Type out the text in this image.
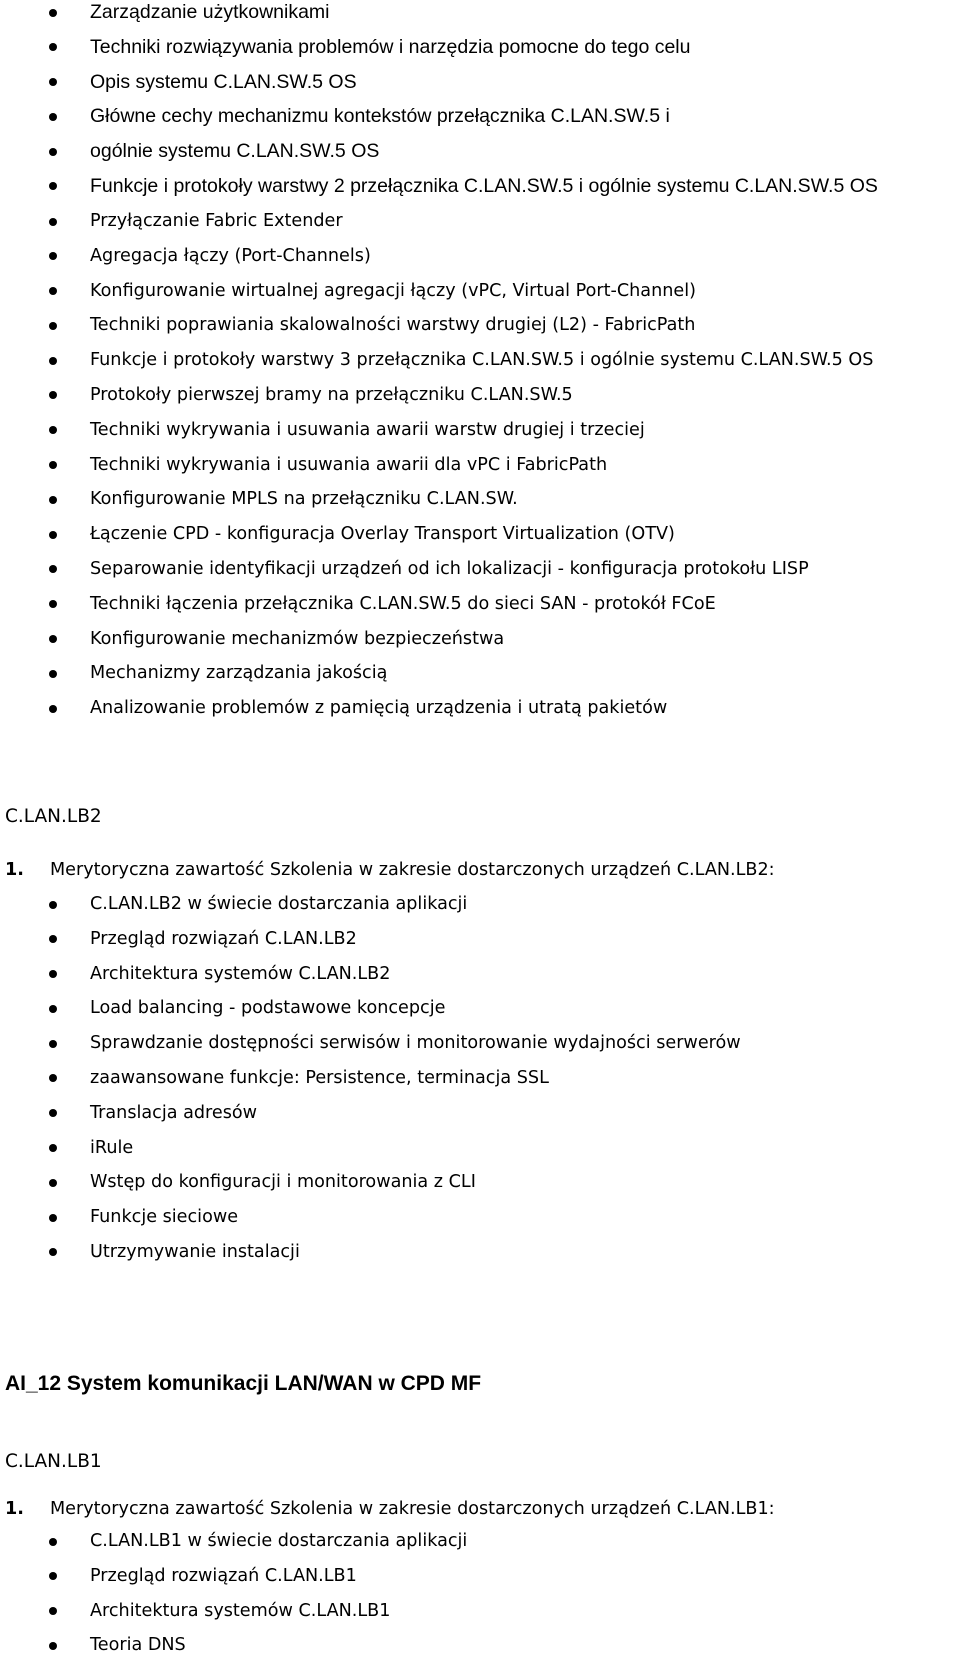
Zarządzanie użytkownikami
Techniki rozwiązywania problemów i narzędzia pomocne do tego celu
Opis systemu C.LAN.SW.5 OS
Główne cechy mechanizmu kontekstów przełącznika C.LAN.SW.5 i
ogólnie systemu C.LAN.SW.5 OS
Funkcje i protokoły warstwy 2 przełącznika C.LAN.SW.5 i ogólnie systemu C.LAN.SW.5 OS
Przyłączanie Fabric Extender
Agregacja łączy (Port-Channels)
Konfigurowanie wirtualnej agregacji łączy (vPC, Virtual Port-Channel)
Techniki poprawiania skalowalności warstwy drugiej (L2) - FabricPath
Funkcje i protokoły warstwy 3 przełącznika C.LAN.SW.5 i ogólnie systemu C.LAN.SW.5 OS
Protokoły pierwszej bramy na przełączniku C.LAN.SW.5
Techniki wykrywania i usuwania awarii warstw drugiej i trzeciej
Techniki wykrywania i usuwania awarii dla vPC i FabricPath
Konfigurowanie MPLS na przełączniku C.LAN.SW.
Łączenie CPD - konfiguracja Overlay Transport Virtualization (OTV)
Separowanie identyfikacji urządzeń od ich lokalizacji - konfiguracja protokołu LISP
Techniki łączenia przełącznika C.LAN.SW.5 do sieci SAN - protokół FCoE
Konfigurowanie mechanizmów bezpieczeństwa
Mechanizmy zarządzania jakością
Analizowanie problemów z pamięcią urządzenia i utratą pakietów
C.LAN.LB2
1. Merytoryczna zawartość Szkolenia w zakresie dostarczonych urządzeń C.LAN.LB2:
C.LAN.LB2 w świecie dostarczania aplikacji
Przegląd rozwiązań C.LAN.LB2
Architektura systemów C.LAN.LB2
Load balancing - podstawowe koncepcje
Sprawdzanie dostępności serwisów i monitorowanie wydajności serwerów
zaawansowane funkcje: Persistence, terminacja SSL
Translacja adresów
iRule
Wstęp do konfiguracji i monitorowania z CLI
Funkcje sieciowe
Utrzymywanie instalacji
AI_12 System komunikacji LAN/WAN w CPD MF
C.LAN.LB1
1. Merytoryczna zawartość Szkolenia w zakresie dostarczonych urządzeń C.LAN.LB1:
C.LAN.LB1 w świecie dostarczania aplikacji
Przegląd rozwiązań C.LAN.LB1
Architektura systemów C.LAN.LB1
Teoria DNS
